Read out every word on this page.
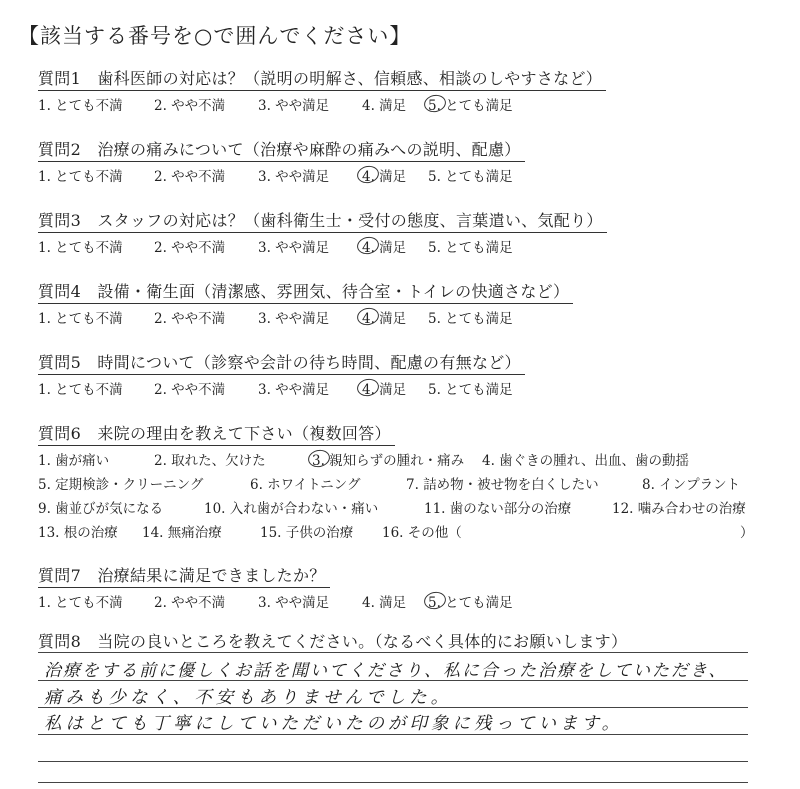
【該当する番号を○で囲んでください】
質問1　歯科医師の対応は？（説明の明解さ、信頼感、相談のしやすさなど）
1. とても不満 2. やや不満 3. やや満足 4. 満足 5. とても満足
質問2　治療の痛みについて（治療や麻酔の痛みへの説明、配慮）
1. とても不満 2. やや不満 3. やや満足 4. 満足 5. とても満足
質問3　スタッフの対応は？（歯科衛生士・受付の態度、言葉遣い、気配り）
1. とても不満 2. やや不満 3. やや満足 4. 満足 5. とても満足
質問4　設備・衛生面（清潔感、雰囲気、待合室・トイレの快適さなど）
1. とても不満 2. やや不満 3. やや満足 4. 満足 5. とても満足
質問5　時間について（診察や会計の待ち時間、配慮の有無など）
1. とても不満 2. やや不満 3. やや満足 4. 満足 5. とても満足
質問6　来院の理由を教えて下さい（複数回答）
1. 歯が痛い	2. 取れた、欠けた	3. 親知らずの腫れ・痛み 4. 歯ぐきの腫れ、出血、歯の動揺
5. 定期検診・クリーニング	6. ホワイトニング	7. 詰め物・被せ物を白くしたい	8. インプラント
9. 歯並びが気になる	10. 入れ歯が合わない・痛い	11. 歯のない部分の治療	12. 噛み合わせの治療
13. 根の治療 14. 無痛治療	15. 子供の治療 16. その他（	）
質問7　治療結果に満足できましたか？
1. とても不満 2. やや不満 3. やや満足 4. 満足 5. とても満足
質問8　当院の良いところを教えてください。（なるべく具体的にお願いします）
治療をする前に優しくお話を聞いてくださり、私に合った治療をしていただき、
痛みも少なく、不安もありませんでした。
私はとても丁寧にしていただいたのが印象に残っています。
